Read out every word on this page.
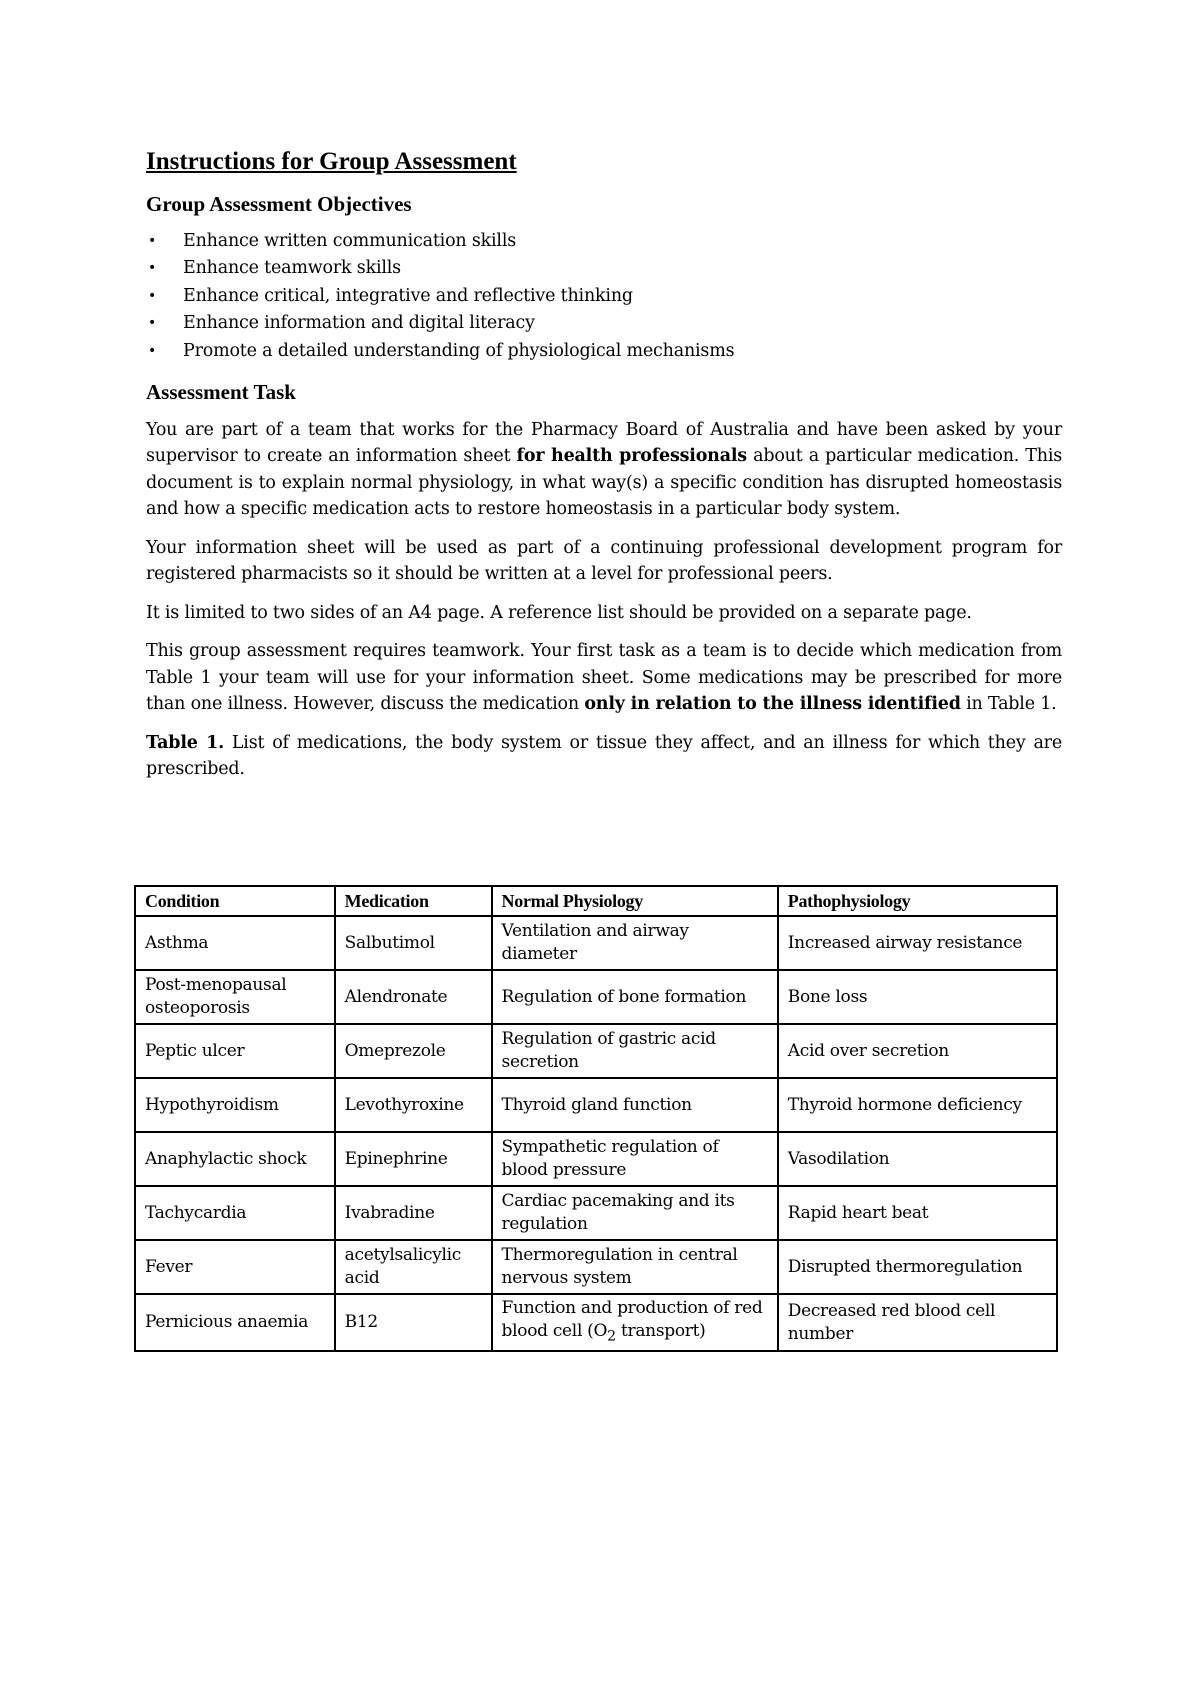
Instructions for Group Assessment
Group Assessment Objectives
• Enhance written communication skills
• Enhance teamwork skills
• Enhance critical, integrative and reflective thinking
• Enhance information and digital literacy
• Promote a detailed understanding of physiological mechanisms
Assessment Task

You are part of a team that works for the Pharmacy Board of Australia and have been asked by your supervisor to create an information sheet for health professionals about a particular medication. This document is to explain normal physiology, in what way(s) a specific condition has disrupted homeostasis and how a specific medication acts to restore homeostasis in a particular body system.

Your information sheet will be used as part of a continuing professional development program for registered pharmacists so it should be written at a level for professional peers.

It is limited to two sides of an A4 page. A reference list should be provided on a separate page.

This group assessment requires teamwork. Your first task as a team is to decide which medication from Table 1 your team will use for your information sheet. Some medications may be prescribed for more than one illness. However, discuss the medication only in relation to the illness identified in Table 1.

Table 1. List of medications, the body system or tissue they affect, and an illness for which they are prescribed.

Condition	Medication	Normal Physiology	Pathophysiology
Asthma	Salbutimol	Ventilation and airway diameter	Increased airway resistance
Post-menopausal osteoporosis	Alendronate	Regulation of bone formation	Bone loss
Peptic ulcer	Omeprezole	Regulation of gastric acid secretion	Acid over secretion
Hypothyroidism	Levothyroxine	Thyroid gland function	Thyroid hormone deficiency
Anaphylactic shock	Epinephrine	Sympathetic regulation of blood pressure	Vasodilation
Tachycardia	Ivabradine	Cardiac pacemaking and its regulation	Rapid heart beat
Fever	acetylsalicylic acid	Thermoregulation in central nervous system	Disrupted thermoregulation
Pernicious anaemia	B12	Function and production of red blood cell ($O_2$ transport)	Decreased red blood cell number
